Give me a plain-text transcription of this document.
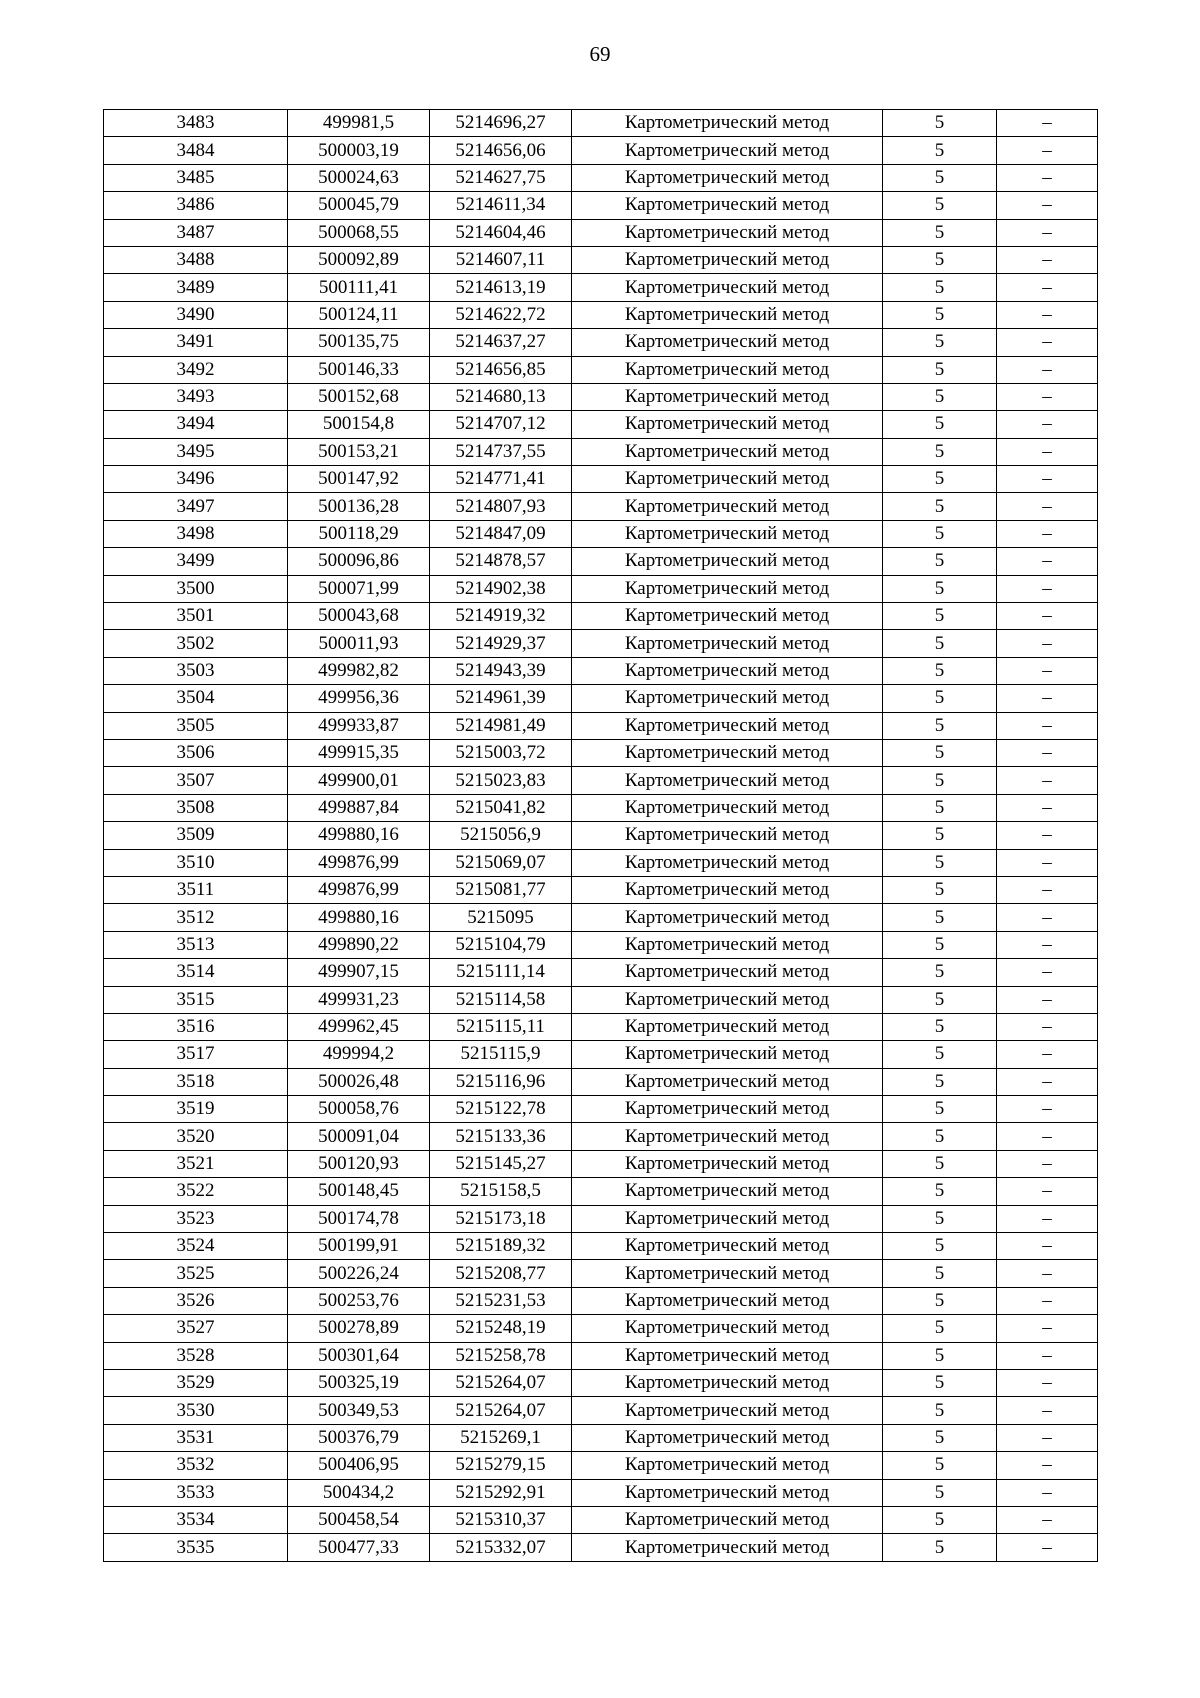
69
3483	499981,5	5214696,27	Картометрический метод	5	–
3484	500003,19	5214656,06	Картометрический метод	5	–
3485	500024,63	5214627,75	Картометрический метод	5	–
3486	500045,79	5214611,34	Картометрический метод	5	–
3487	500068,55	5214604,46	Картометрический метод	5	–
3488	500092,89	5214607,11	Картометрический метод	5	–
3489	500111,41	5214613,19	Картометрический метод	5	–
3490	500124,11	5214622,72	Картометрический метод	5	–
3491	500135,75	5214637,27	Картометрический метод	5	–
3492	500146,33	5214656,85	Картометрический метод	5	–
3493	500152,68	5214680,13	Картометрический метод	5	–
3494	500154,8	5214707,12	Картометрический метод	5	–
3495	500153,21	5214737,55	Картометрический метод	5	–
3496	500147,92	5214771,41	Картометрический метод	5	–
3497	500136,28	5214807,93	Картометрический метод	5	–
3498	500118,29	5214847,09	Картометрический метод	5	–
3499	500096,86	5214878,57	Картометрический метод	5	–
3500	500071,99	5214902,38	Картометрический метод	5	–
3501	500043,68	5214919,32	Картометрический метод	5	–
3502	500011,93	5214929,37	Картометрический метод	5	–
3503	499982,82	5214943,39	Картометрический метод	5	–
3504	499956,36	5214961,39	Картометрический метод	5	–
3505	499933,87	5214981,49	Картометрический метод	5	–
3506	499915,35	5215003,72	Картометрический метод	5	–
3507	499900,01	5215023,83	Картометрический метод	5	–
3508	499887,84	5215041,82	Картометрический метод	5	–
3509	499880,16	5215056,9	Картометрический метод	5	–
3510	499876,99	5215069,07	Картометрический метод	5	–
3511	499876,99	5215081,77	Картометрический метод	5	–
3512	499880,16	5215095	Картометрический метод	5	–
3513	499890,22	5215104,79	Картометрический метод	5	–
3514	499907,15	5215111,14	Картометрический метод	5	–
3515	499931,23	5215114,58	Картометрический метод	5	–
3516	499962,45	5215115,11	Картометрический метод	5	–
3517	499994,2	5215115,9	Картометрический метод	5	–
3518	500026,48	5215116,96	Картометрический метод	5	–
3519	500058,76	5215122,78	Картометрический метод	5	–
3520	500091,04	5215133,36	Картометрический метод	5	–
3521	500120,93	5215145,27	Картометрический метод	5	–
3522	500148,45	5215158,5	Картометрический метод	5	–
3523	500174,78	5215173,18	Картометрический метод	5	–
3524	500199,91	5215189,32	Картометрический метод	5	–
3525	500226,24	5215208,77	Картометрический метод	5	–
3526	500253,76	5215231,53	Картометрический метод	5	–
3527	500278,89	5215248,19	Картометрический метод	5	–
3528	500301,64	5215258,78	Картометрический метод	5	–
3529	500325,19	5215264,07	Картометрический метод	5	–
3530	500349,53	5215264,07	Картометрический метод	5	–
3531	500376,79	5215269,1	Картометрический метод	5	–
3532	500406,95	5215279,15	Картометрический метод	5	–
3533	500434,2	5215292,91	Картометрический метод	5	–
3534	500458,54	5215310,37	Картометрический метод	5	–
3535	500477,33	5215332,07	Картометрический метод	5	–
